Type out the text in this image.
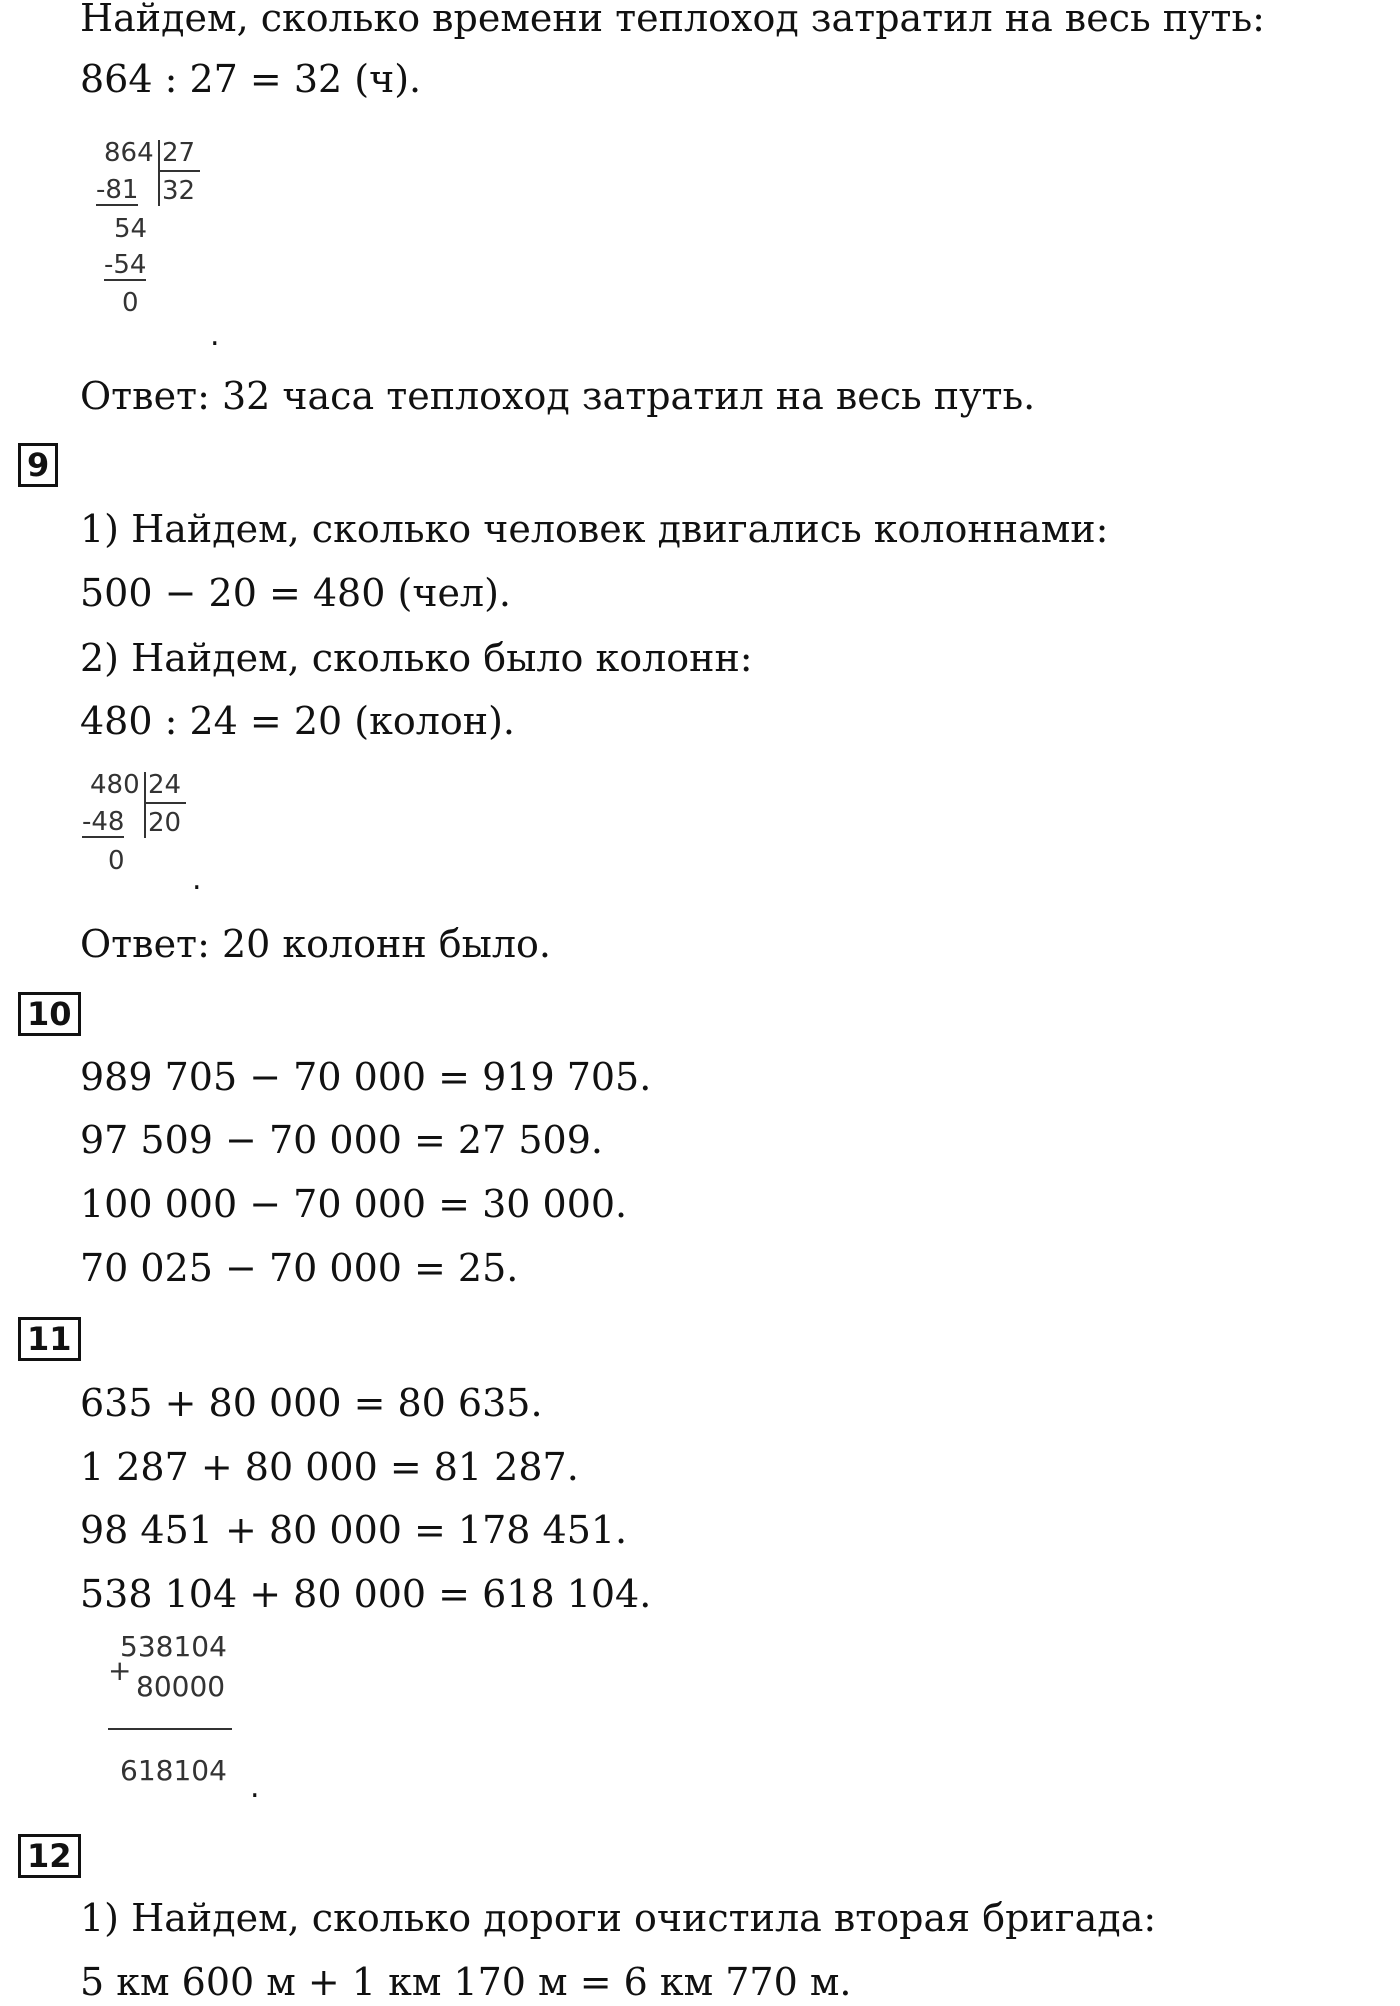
Найдем, сколько времени теплоход затратил на весь путь:

864 : 27 = 32 (ч).

864 27
-81 32
54
-54
0
.

Ответ: 32 часа теплоход затратил на весь путь.

9

1) Найдем, сколько человек двигались колоннами:

500 − 20 = 480 (чел).

2) Найдем, сколько было колонн:

480 : 24 = 20 (колон).

480 24
-48 20
0
.

Ответ: 20 колонн было.

10

989 705 − 70 000 = 919 705.

97 509 − 70 000 = 27 509.

100 000 − 70 000 = 30 000.

70 025 − 70 000 = 25.

11

635 + 80 000 = 80 635.

1 287 + 80 000 = 81 287.

98 451 + 80 000 = 178 451.

538 104 + 80 000 = 618 104.

538104
+ 80000
618104 .
12

1) Найдем, сколько дороги очистила вторая бригада:

5 км 600 м + 1 км 170 м = 6 км 770 м.
